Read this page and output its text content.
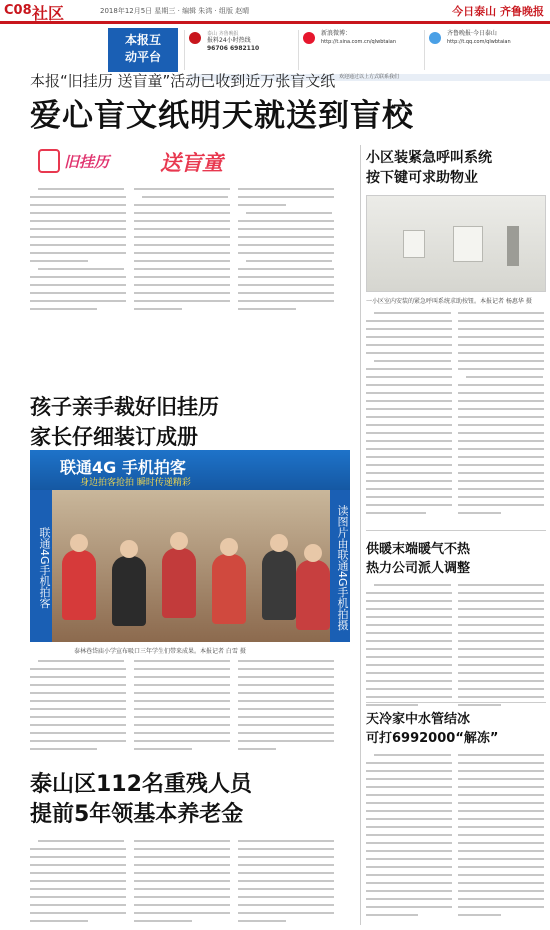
C08 社区	2018年12月5日 星期三 · 编辑 朱鸿 · 组版 赵晴	今日泰山 齐鲁晚报
本报互
动平台
泰山 齐鲁晚报
报料24小时热线
96706 6982110
新浪微博：
http://t.sina.com.cn/qlwbtaian
齐鲁晚报·今日泰山
http://t.qq.com/qlwbtaian
欢迎通过以上方式联系我们
本报“旧挂历 送盲童”活动已收到近万张盲文纸
爱心盲文纸明天就送到盲校
旧挂历 送盲童	小区装紧急呼叫系统
按下键可求助物业
一小区室内安装的紧急呼叫系统求助按钮。本报记者 杨惠华 摄
孩子亲手裁好旧挂历
家长仔细装订成册
联通4G 手机拍客
身边拍客抢拍 瞬时传递精彩
联通4G手机拍客	读图片由联通4G手机拍摄
泰林巷岱庙小学宣布吸口三年学生们带来成果。本报记者 白雪 摄
泰山区112名重残人员
提前5年领基本养老金
供暖末端暖气不热
热力公司派人调整
天冷家中水管结冰
可打6992000“解冻”
